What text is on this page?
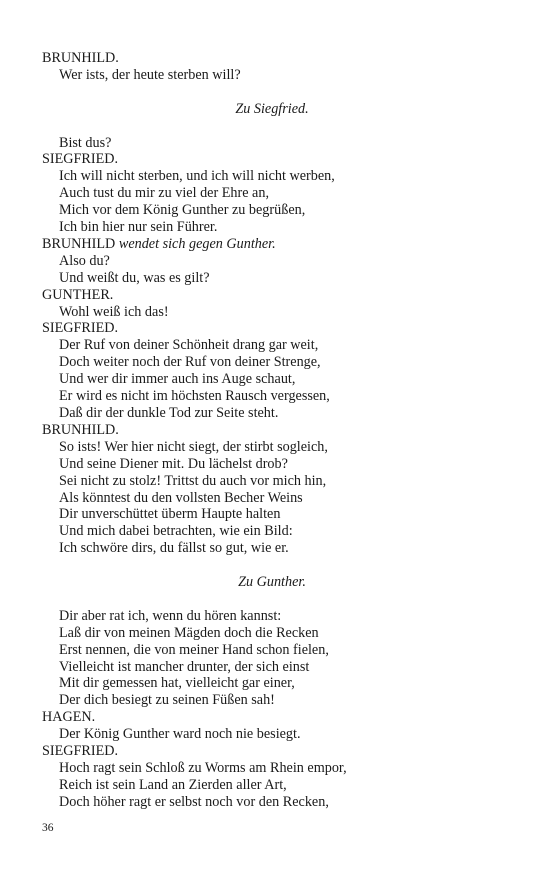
BRUNHILD.
Wer ists, der heute sterben will?
Zu Siegfried.
Bist dus?
SIEGFRIED.
Ich will nicht sterben, und ich will nicht werben,
Auch tust du mir zu viel der Ehre an,
Mich vor dem König Gunther zu begrüßen,
Ich bin hier nur sein Führer.
BRUNHILD wendet sich gegen Gunther.
Also du?
Und weißt du, was es gilt?
GUNTHER.
Wohl weiß ich das!
SIEGFRIED.
Der Ruf von deiner Schönheit drang gar weit,
Doch weiter noch der Ruf von deiner Strenge,
Und wer dir immer auch ins Auge schaut,
Er wird es nicht im höchsten Rausch vergessen,
Daß dir der dunkle Tod zur Seite steht.
BRUNHILD.
So ists! Wer hier nicht siegt, der stirbt sogleich,
Und seine Diener mit. Du lächelst drob?
Sei nicht zu stolz! Trittst du auch vor mich hin,
Als könntest du den vollsten Becher Weins
Dir unverschüttet überm Haupte halten
Und mich dabei betrachten, wie ein Bild:
Ich schwöre dirs, du fällst so gut, wie er.
Zu Gunther.
Dir aber rat ich, wenn du hören kannst:
Laß dir von meinen Mägden doch die Recken
Erst nennen, die von meiner Hand schon fielen,
Vielleicht ist mancher drunter, der sich einst
Mit dir gemessen hat, vielleicht gar einer,
Der dich besiegt zu seinen Füßen sah!
HAGEN.
Der König Gunther ward noch nie besiegt.
SIEGFRIED.
Hoch ragt sein Schloß zu Worms am Rhein empor,
Reich ist sein Land an Zierden aller Art,
Doch höher ragt er selbst noch vor den Recken,
36
